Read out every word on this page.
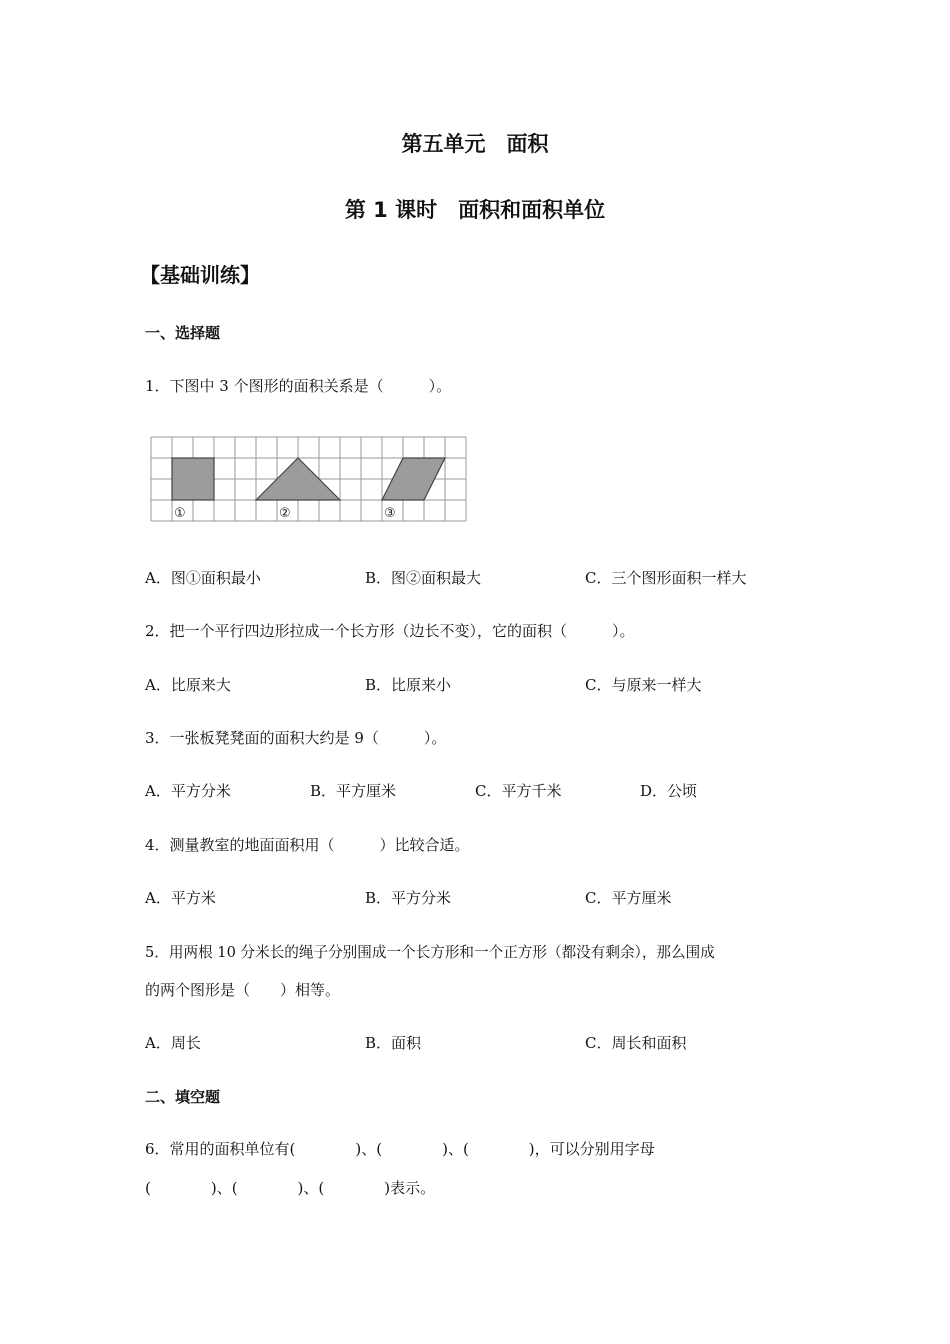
第五单元　面积
第 1 课时　面积和面积单位
【基础训练】
一、选择题
1．下图中 3 个图形的面积关系是（　　　）。
①	②	③
A．图①面积最小	B．图②面积最大	C．三个图形面积一样大
2．把一个平行四边形拉成一个长方形（边长不变），它的面积（　　　）。
A．比原来大	B．比原来小	C．与原来一样大
3．一张板凳凳面的面积大约是 9（　　　）。
A．平方分米	B．平方厘米	C．平方千米	D．公顷
4．测量教室的地面面积用（　　　）比较合适。
A．平方米	B．平方分米	C．平方厘米
5．用两根 10 分米长的绳子分别围成一个长方形和一个正方形（都没有剩余），那么围成
的两个图形是（　　）相等。
A．周长	B．面积	C．周长和面积
二、填空题
6．常用的面积单位有(　　　　)、(　　　　)、(　　　　)，可以分别用字母
(　　　　)、(　　　　)、(　　　　)表示。
